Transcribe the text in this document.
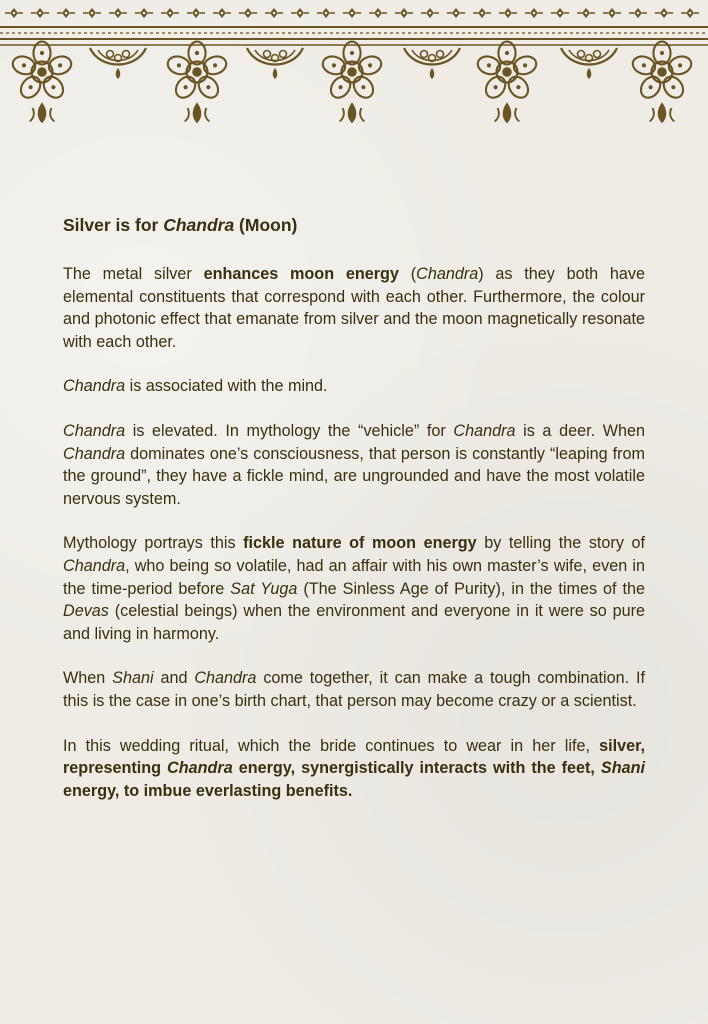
Silver is for Chandra (Moon)

The metal silver enhances moon energy (Chandra) as they both have elemental constituents that correspond with each other. Furthermore, the colour and photonic effect that emanate from silver and the moon magnetically resonate with each other.

Chandra is associated with the mind.

Chandra is elevated. In mythology the “vehicle” for Chandra is a deer. When Chandra dominates one’s consciousness, that person is constantly “leaping from the ground”, they have a fickle mind, are ungrounded and have the most volatile nervous system.

Mythology portrays this fickle nature of moon energy by telling the story of Chandra, who being so volatile, had an affair with his own master’s wife, even in the time-period before Sat Yuga (The Sinless Age of Purity), in the times of the Devas (celestial beings) when the environment and everyone in it were so pure and living in harmony.

When Shani and Chandra come together, it can make a tough combination. If this is the case in one’s birth chart, that person may become crazy or a scientist.

In this wedding ritual, which the bride continues to wear in her life, silver, representing Chandra energy, synergistically interacts with the feet, Shani energy, to imbue everlasting benefits.
